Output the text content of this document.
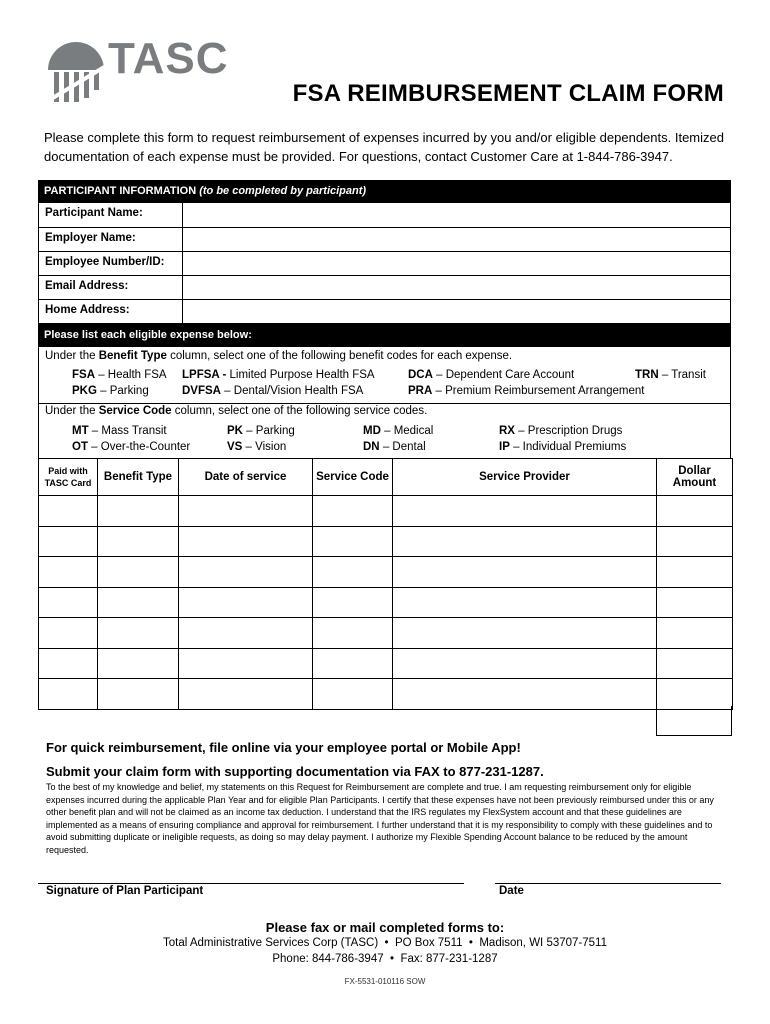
TASC
FSA REIMBURSEMENT CLAIM FORM
Please complete this form to request reimbursement of expenses incurred by you and/or eligible dependents. Itemized documentation of each expense must be provided. For questions, contact Customer Care at 1-844-786-3947.
PARTICIPANT INFORMATION (to be completed by participant)
Participant Name:
Employer Name:
Employee Number/ID:
Email Address:
Home Address:
Please list each eligible expense below:
Under the Benefit Type column, select one of the following benefit codes for each expense.
FSA – Health FSA LPFSA - Limited Purpose Health FSA	DCA – Dependent Care Account	TRN – Transit
PKG – Parking	DVFSA – Dental/Vision Health FSA	PRA – Premium Reimbursement Arrangement
Under the Service Code column, select one of the following service codes.
MT – Mass Transit	PK – Parking	MD – Medical	RX – Prescription Drugs
OT – Over-the-Counter	VS – Vision	DN – Dental	IP – Individual Premiums
Paid with TASC Card	Benefit Type	Date of service	Service Code	Service Provider	Dollar Amount

For quick reimbursement, file online via your employee portal or Mobile App!
Submit your claim form with supporting documentation via FAX to 877-231-1287.
To the best of my knowledge and belief, my statements on this Request for Reimbursement are complete and true. I am requesting reimbursement only for eligible expenses incurred during the applicable Plan Year and for eligible Plan Participants. I certify that these expenses have not been previously reimbursed under this or any other benefit plan and will not be claimed as an income tax deduction. I understand that the IRS regulates my FlexSystem account and that these guidelines are implemented as a means of ensuring compliance and approval for reimbursement. I further understand that it is my responsibility to comply with these guidelines and to avoid submitting duplicate or ineligible requests, as doing so may delay payment. I authorize my Flexible Spending Account balance to be reduced by the amount requested.
Signature of Plan Participant	Date
Please fax or mail completed forms to:
Total Administrative Services Corp (TASC)  •  PO Box 7511  •  Madison, WI 53707-7511
Phone: 844-786-3947  •  Fax: 877-231-1287
FX-5531-010116 SOW
